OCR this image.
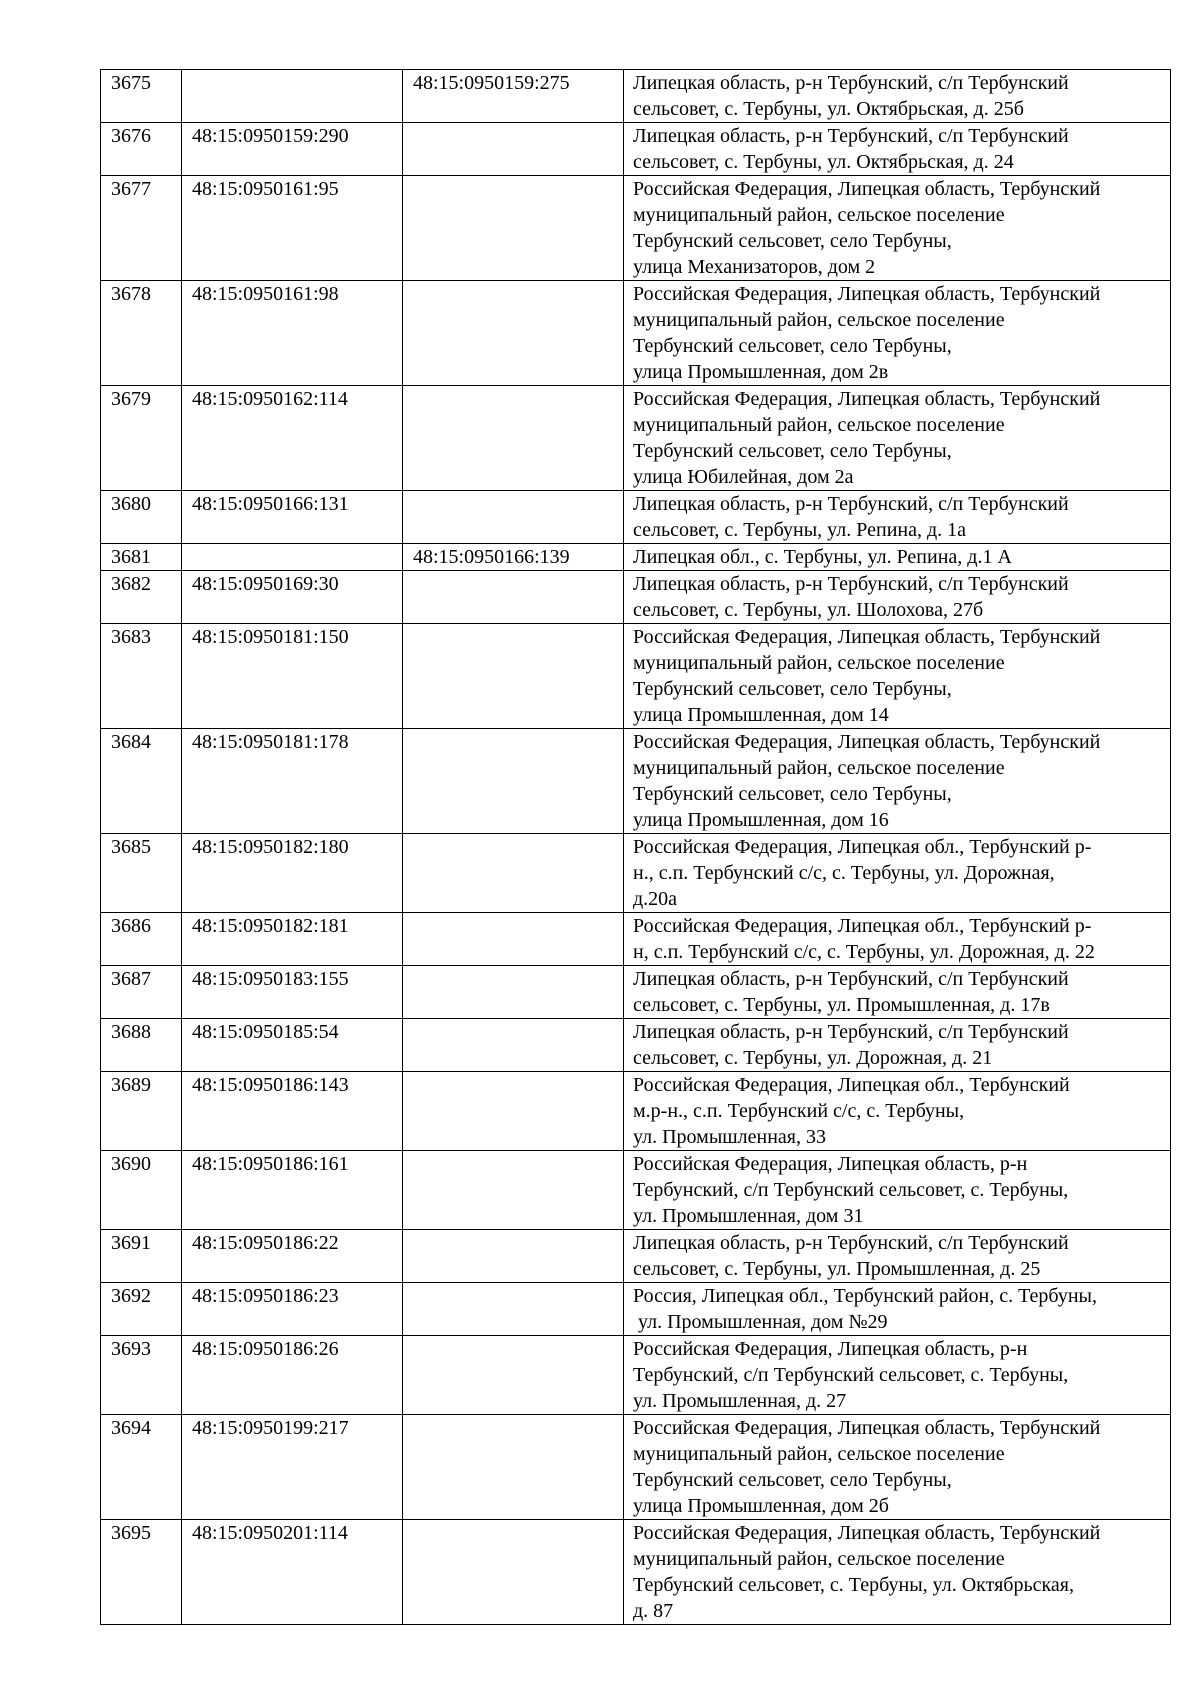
3675		48:15:0950159:275	Липецкая область, р-н Тербунский, с/п Тербунский
сельсовет, с. Тербуны, ул. Октябрьская, д. 25б

3676	48:15:0950159:290		Липецкая область, р-н Тербунский, с/п Тербунский
сельсовет, с. Тербуны, ул. Октябрьская, д. 24

3677	48:15:0950161:95		Российская Федерация, Липецкая область, Тербунский
муниципальный район, сельское поселение
Тербунский сельсовет, село Тербуны,
улица Механизаторов, дом 2

3678	48:15:0950161:98		Российская Федерация, Липецкая область, Тербунский
муниципальный район, сельское поселение
Тербунский сельсовет, село Тербуны,
улица Промышленная, дом 2в

3679	48:15:0950162:114		Российская Федерация, Липецкая область, Тербунский
муниципальный район, сельское поселение
Тербунский сельсовет, село Тербуны,
улица Юбилейная, дом 2а

3680	48:15:0950166:131		Липецкая область, р-н Тербунский, с/п Тербунский
сельсовет, с. Тербуны, ул. Репина, д. 1а

3681		48:15:0950166:139	Липецкая обл., с. Тербуны, ул. Репина, д.1 А

3682	48:15:0950169:30		Липецкая область, р-н Тербунский, с/п Тербунский
сельсовет, с. Тербуны, ул. Шолохова, 27б

3683	48:15:0950181:150		Российская Федерация, Липецкая область, Тербунский
муниципальный район, сельское поселение
Тербунский сельсовет, село Тербуны,
улица Промышленная, дом 14

3684	48:15:0950181:178		Российская Федерация, Липецкая область, Тербунский
муниципальный район, сельское поселение
Тербунский сельсовет, село Тербуны,
улица Промышленная, дом 16

3685	48:15:0950182:180		Российская Федерация, Липецкая обл., Тербунский р-
н., с.п. Тербунский с/с, с. Тербуны, ул. Дорожная,
д.20а

3686	48:15:0950182:181		Российская Федерация, Липецкая обл., Тербунский р-
н, с.п. Тербунский с/с, с. Тербуны, ул. Дорожная, д. 22

3687	48:15:0950183:155		Липецкая область, р-н Тербунский, с/п Тербунский
сельсовет, с. Тербуны, ул. Промышленная, д. 17в

3688	48:15:0950185:54		Липецкая область, р-н Тербунский, с/п Тербунский
сельсовет, с. Тербуны, ул. Дорожная, д. 21

3689	48:15:0950186:143		Российская Федерация, Липецкая обл., Тербунский
м.р-н., с.п. Тербунский с/с, с. Тербуны,
ул. Промышленная, 33

3690	48:15:0950186:161		Российская Федерация, Липецкая область, р-н
Тербунский, с/п Тербунский сельсовет, с. Тербуны,
ул. Промышленная, дом 31

3691	48:15:0950186:22		Липецкая область, р-н Тербунский, с/п Тербунский
сельсовет, с. Тербуны, ул. Промышленная, д. 25

3692	48:15:0950186:23		Россия, Липецкая обл., Тербунский район, с. Тербуны,
ул. Промышленная, дом №29

3693	48:15:0950186:26		Российская Федерация, Липецкая область, р-н
Тербунский, с/п Тербунский сельсовет, с. Тербуны,
ул. Промышленная, д. 27

3694	48:15:0950199:217		Российская Федерация, Липецкая область, Тербунский
муниципальный район, сельское поселение
Тербунский сельсовет, село Тербуны,
улица Промышленная, дом 2б

3695	48:15:0950201:114		Российская Федерация, Липецкая область, Тербунский
муниципальный район, сельское поселение
Тербунский сельсовет, с. Тербуны, ул. Октябрьская,
д. 87
